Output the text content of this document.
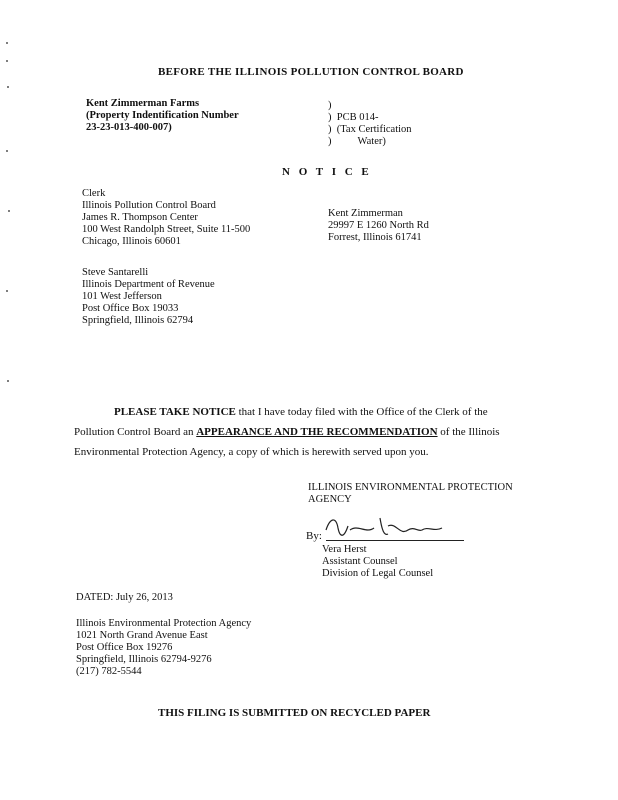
BEFORE THE ILLINOIS POLLUTION CONTROL BOARD
Kent Zimmerman Farms
(Property Indentification Number
23-23-013-400-007)
)
)  PCB 014-
)  (Tax Certification
)          Water)
N O T I C E
Clerk
Illinois Pollution Control Board
James R. Thompson Center
100 West Randolph Street, Suite 11-500
Chicago, Illinois 60601
Kent Zimmerman
29997 E 1260 North Rd
Forrest, Illinois 61741
Steve Santarelli
Illinois Department of Revenue
101 West Jefferson
Post Office Box 19033
Springfield, Illinois 62794
PLEASE TAKE NOTICE that I have today filed with the Office of the Clerk of the
Pollution Control Board an APPEARANCE AND THE RECOMMENDATION of the Illinois
Environmental Protection Agency, a copy of which is herewith served upon you.
ILLINOIS ENVIRONMENTAL PROTECTION
AGENCY
By:
Vera Herst
Assistant Counsel
Division of Legal Counsel
DATED: July 26, 2013
Illinois Environmental Protection Agency
1021 North Grand Avenue East
Post Office Box 19276
Springfield, Illinois 62794-9276
(217) 782-5544
THIS FILING IS SUBMITTED ON RECYCLED PAPER
